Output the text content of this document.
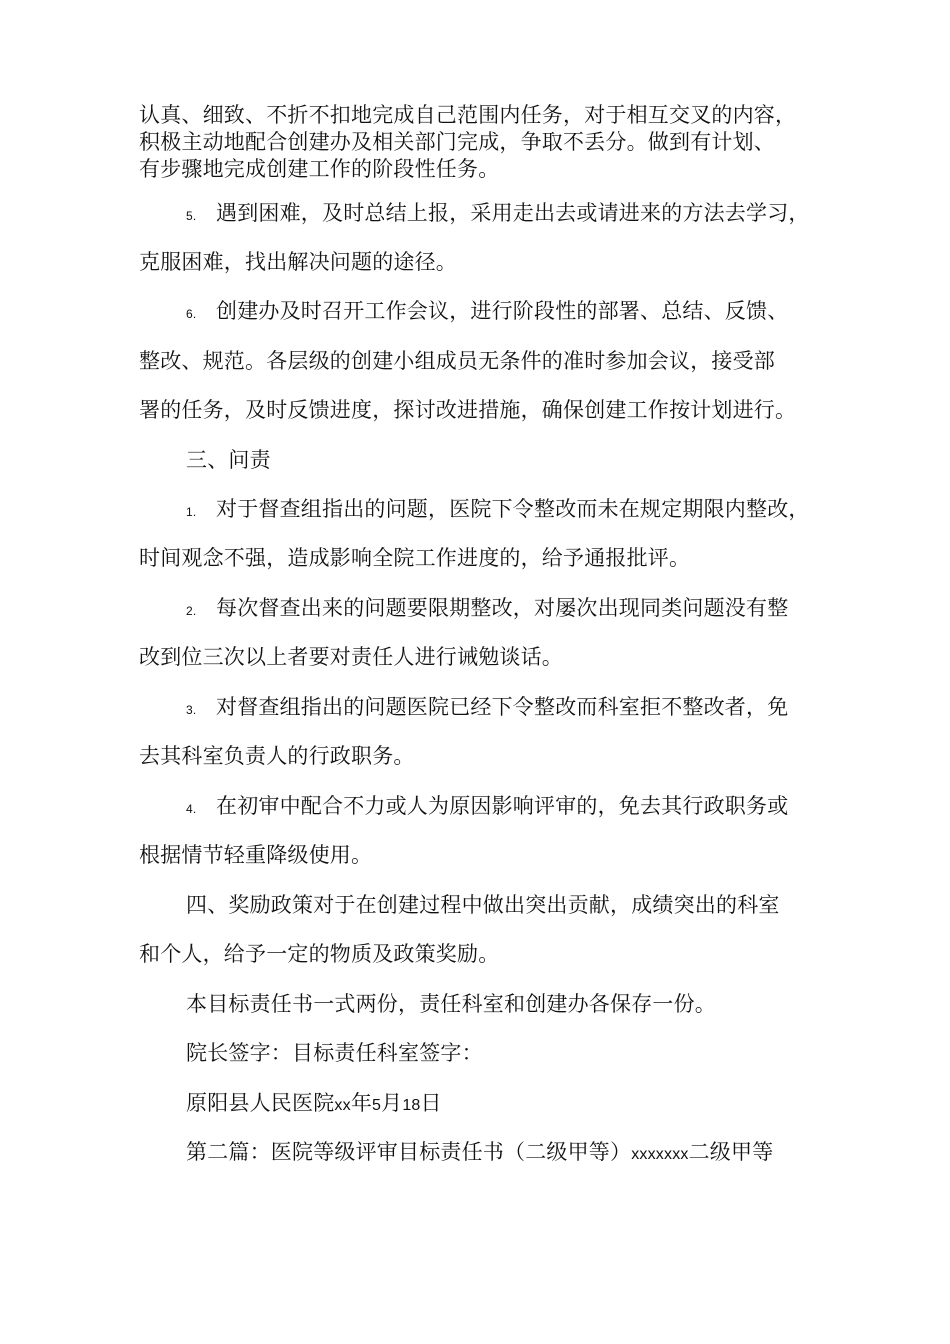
认真、细致、不折不扣地完成自己范围内任务，对于相互交叉的内容，
积极主动地配合创建办及相关部门完成，争取不丢分。做到有计划、
有步骤地完成创建工作的阶段性任务。
5. 遇到困难，及时总结上报，采用走出去或请进来的方法去学习，
克服困难，找出解决问题的途径。
6. 创建办及时召开工作会议，进行阶段性的部署、总结、反馈、
整改、规范。各层级的创建小组成员无条件的准时参加会议，接受部
署的任务，及时反馈进度，探讨改进措施，确保创建工作按计划进行。
三、问责
1. 对于督查组指出的问题，医院下令整改而未在规定期限内整改，
时间观念不强，造成影响全院工作进度的，给予通报批评。
2. 每次督查出来的问题要限期整改，对屡次出现同类问题没有整
改到位三次以上者要对责任人进行诫勉谈话。
3. 对督查组指出的问题医院已经下令整改而科室拒不整改者，免
去其科室负责人的行政职务。
4. 在初审中配合不力或人为原因影响评审的，免去其行政职务或
根据情节轻重降级使用。
四、奖励政策对于在创建过程中做出突出贡献，成绩突出的科室
和个人，给予一定的物质及政策奖励。
本目标责任书一式两份，责任科室和创建办各保存一份。
院长签字：目标责任科室签字：
原阳县人民医院xx年5月18日
第二篇：医院等级评审目标责任书（二级甲等）xxxxxxx二级甲等
